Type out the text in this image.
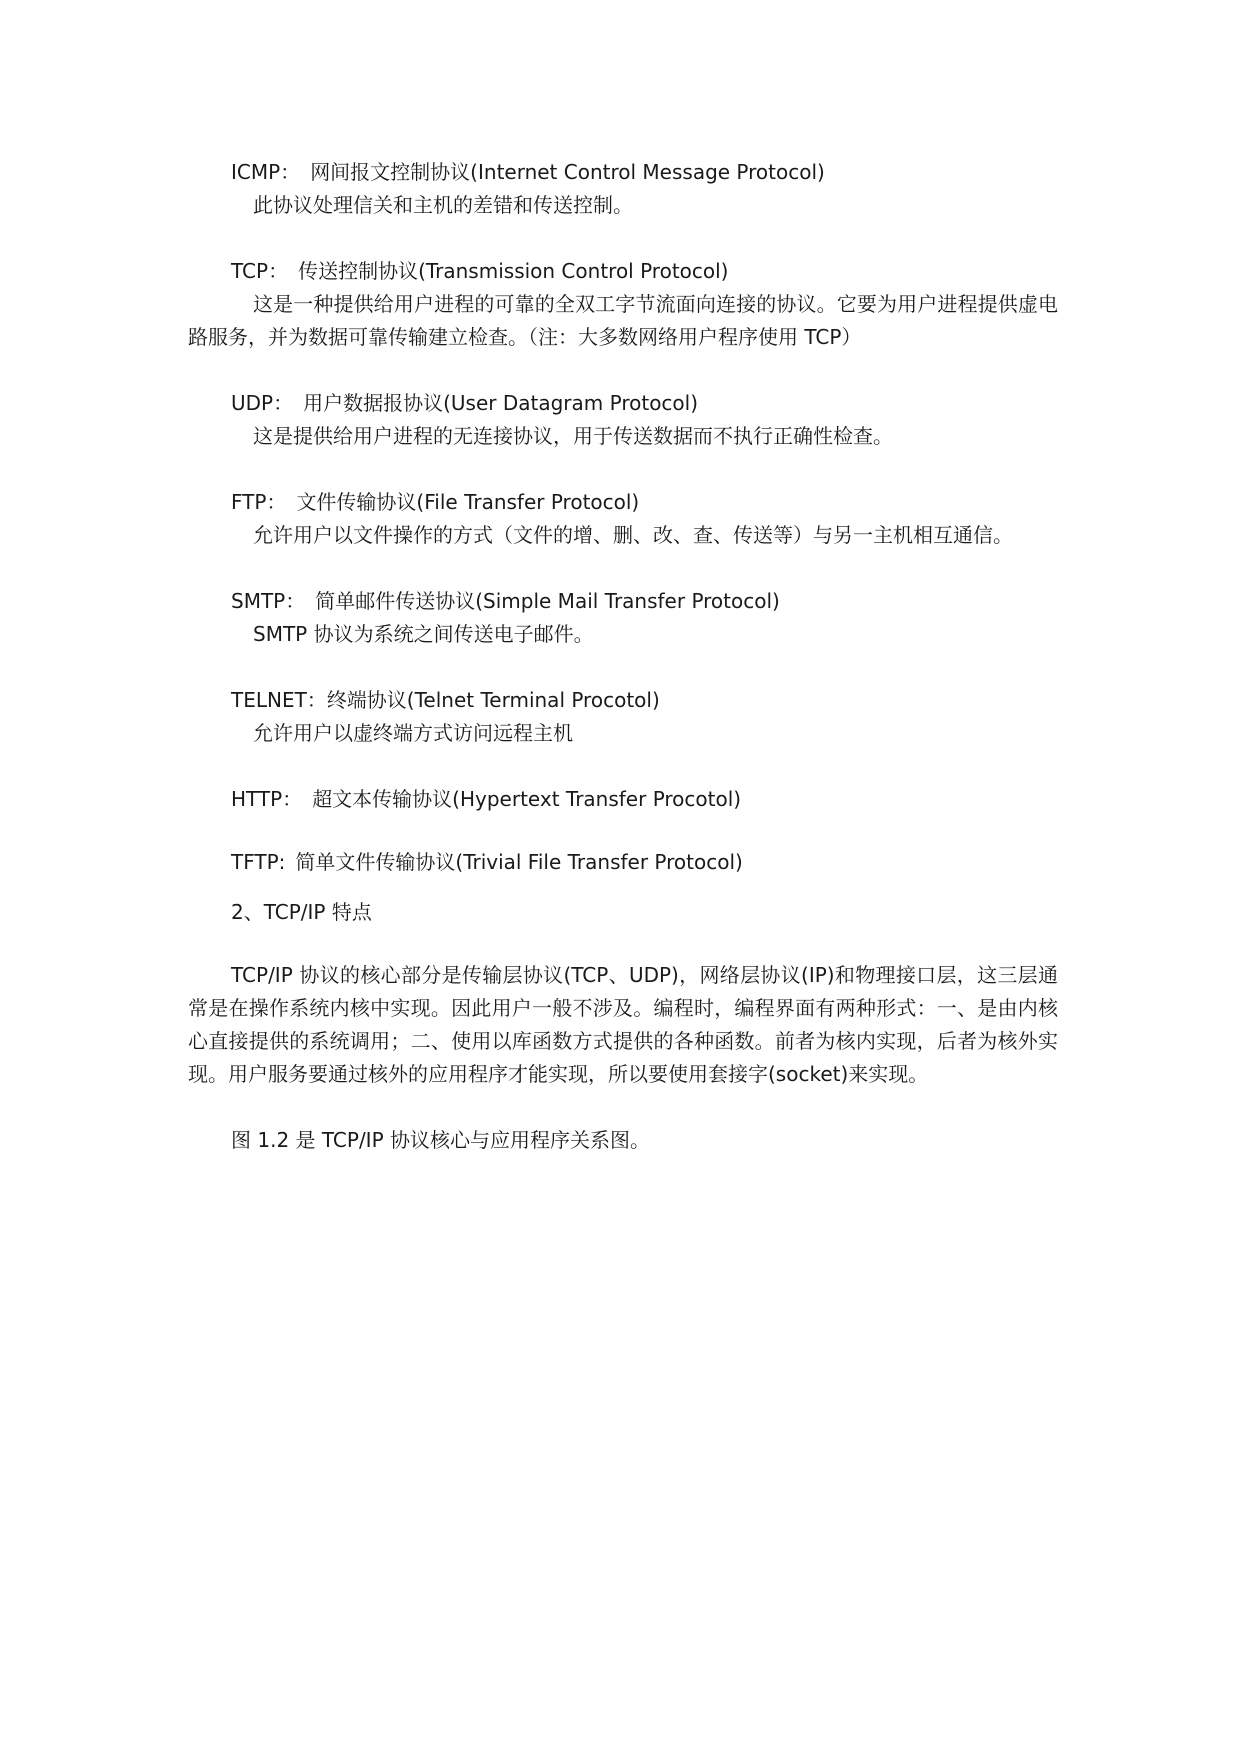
ICMP： 网间报文控制协议(Internet Control Message Protocol)
此协议处理信关和主机的差错和传送控制。
TCP： 传送控制协议(Transmission Control Protocol)
这是一种提供给用户进程的可靠的全双工字节流面向连接的协议。它要为用户进程提供虚电路服务，并为数据可靠传输建立检查。（注：大多数网络用户程序使用 TCP）
UDP： 用户数据报协议(User Datagram Protocol)
这是提供给用户进程的无连接协议，用于传送数据而不执行正确性检查。
FTP： 文件传输协议(File Transfer Protocol)
允许用户以文件操作的方式（文件的增、删、改、查、传送等）与另一主机相互通信。
SMTP： 简单邮件传送协议(Simple Mail Transfer Protocol)
SMTP 协议为系统之间传送电子邮件。
TELNET：终端协议(Telnet Terminal Procotol)
允许用户以虚终端方式访问远程主机
HTTP： 超文本传输协议(Hypertext Transfer Procotol)
TFTP: 简单文件传输协议(Trivial File Transfer Protocol)
2、TCP/IP 特点
TCP/IP 协议的核心部分是传输层协议(TCP、UDP)，网络层协议(IP)和物理接口层，这三层通常是在操作系统内核中实现。因此用户一般不涉及。编程时，编程界面有两种形式：一、是由内核心直接提供的系统调用；二、使用以库函数方式提供的各种函数。前者为核内实现，后者为核外实现。用户服务要通过核外的应用程序才能实现，所以要使用套接字(socket)来实现。
图 1.2 是 TCP/IP 协议核心与应用程序关系图。
